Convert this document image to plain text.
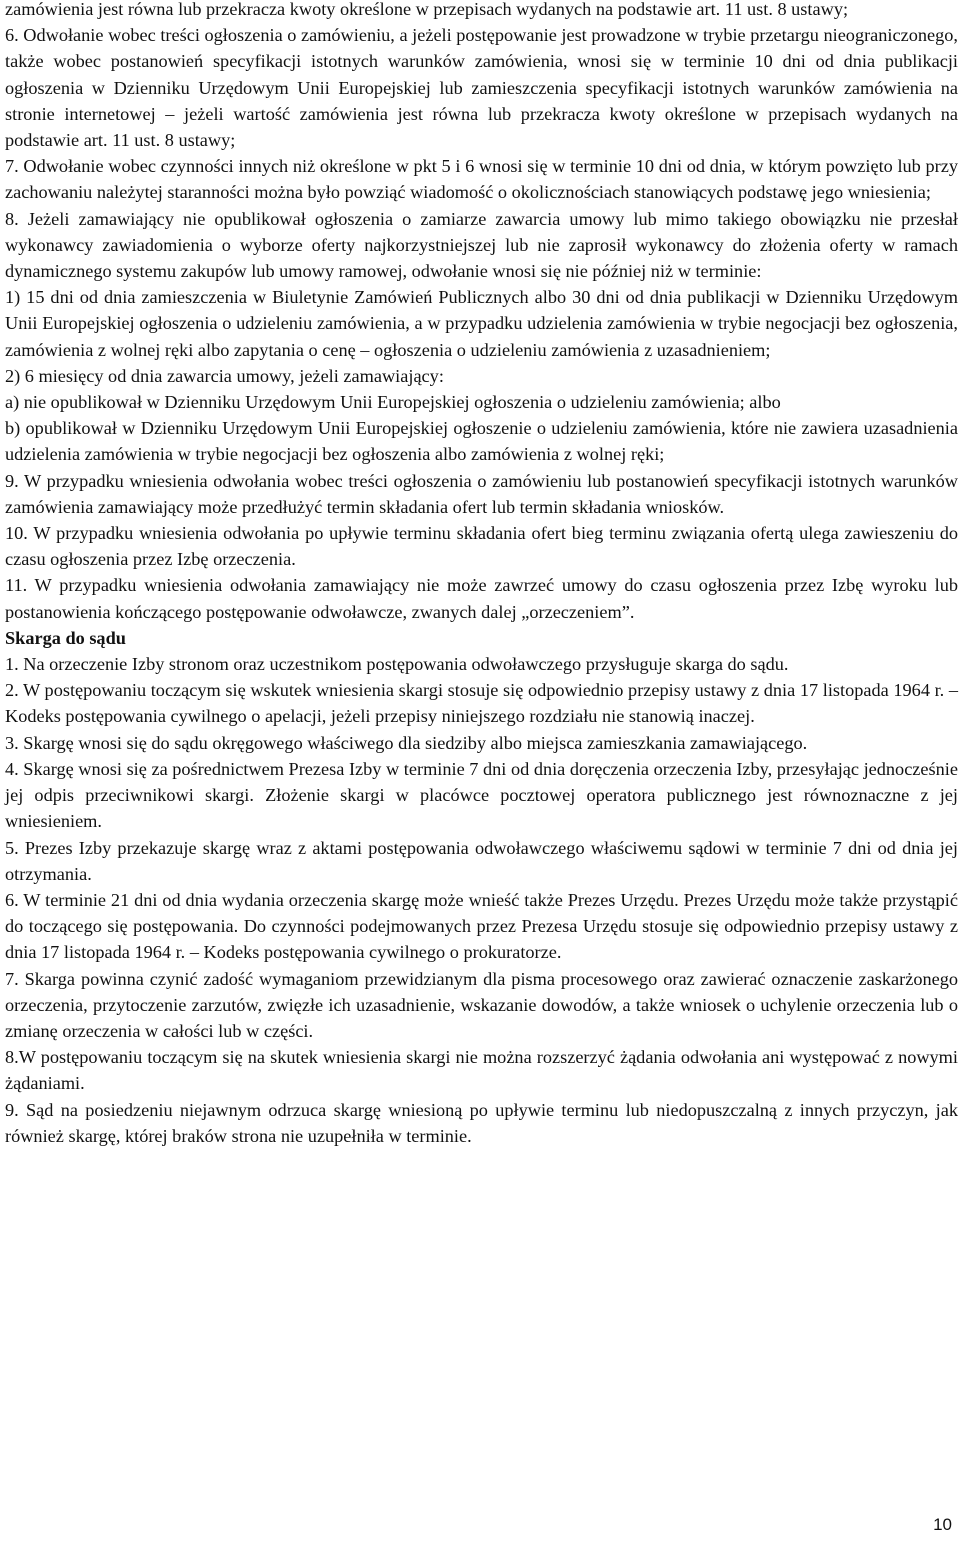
zamówienia jest równa lub przekracza kwoty określone w przepisach wydanych na podstawie art. 11 ust. 8 ustawy;

6. Odwołanie wobec treści ogłoszenia o zamówieniu, a jeżeli postępowanie jest prowadzone w trybie przetargu nieograniczonego, także wobec postanowień specyfikacji istotnych warunków zamówienia, wnosi się w terminie 10 dni od dnia publikacji ogłoszenia w Dzienniku Urzędowym Unii Europejskiej lub zamieszczenia specyfikacji istotnych warunków zamówienia na stronie internetowej – jeżeli wartość zamówienia jest równa lub przekracza kwoty określone w przepisach wydanych na podstawie art. 11 ust. 8 ustawy;

7. Odwołanie wobec czynności innych niż określone w pkt 5 i 6 wnosi się w terminie 10 dni od dnia, w którym powzięto lub przy zachowaniu należytej staranności można było powziąć wiadomość o okolicznościach stanowiących podstawę jego wniesienia;

8. Jeżeli zamawiający nie opublikował ogłoszenia o zamiarze zawarcia umowy lub mimo takiego obowiązku nie przesłał wykonawcy zawiadomienia o wyborze oferty najkorzystniejszej lub nie zaprosił wykonawcy do złożenia oferty w ramach dynamicznego systemu zakupów lub umowy ramowej, odwołanie wnosi się nie później niż w terminie:

1) 15 dni od dnia zamieszczenia w Biuletynie Zamówień Publicznych albo 30 dni od dnia publikacji w Dzienniku Urzędowym Unii Europejskiej ogłoszenia o udzieleniu zamówienia, a w przypadku udzielenia zamówienia w trybie negocjacji bez ogłoszenia, zamówienia z wolnej ręki albo zapytania o cenę – ogłoszenia o udzieleniu zamówienia z uzasadnieniem;

2) 6 miesięcy od dnia zawarcia umowy, jeżeli zamawiający:

a) nie opublikował w Dzienniku Urzędowym Unii Europejskiej ogłoszenia o udzieleniu zamówienia; albo

b) opublikował w Dzienniku Urzędowym Unii Europejskiej ogłoszenie o udzieleniu zamówienia, które nie zawiera uzasadnienia udzielenia zamówienia w trybie negocjacji bez ogłoszenia albo zamówienia z wolnej ręki;

9. W przypadku wniesienia odwołania wobec treści ogłoszenia o zamówieniu lub postanowień specyfikacji istotnych warunków zamówienia zamawiający może przedłużyć termin składania ofert lub termin składania wniosków.

10. W przypadku wniesienia odwołania po upływie terminu składania ofert bieg terminu związania ofertą ulega zawieszeniu do czasu ogłoszenia przez Izbę orzeczenia.

11. W przypadku wniesienia odwołania zamawiający nie może zawrzeć umowy do czasu ogłoszenia przez Izbę wyroku lub postanowienia kończącego postępowanie odwoławcze, zwanych dalej „orzeczeniem”.

Skarga do sądu

1. Na orzeczenie Izby stronom oraz uczestnikom postępowania odwoławczego przysługuje skarga do sądu.

2. W postępowaniu toczącym się wskutek wniesienia skargi stosuje się odpowiednio przepisy ustawy z dnia 17 listopada 1964 r. – Kodeks postępowania cywilnego o apelacji, jeżeli przepisy niniejszego rozdziału nie stanowią inaczej.

3. Skargę wnosi się do sądu okręgowego właściwego dla siedziby albo miejsca zamieszkania zamawiającego.

4. Skargę wnosi się za pośrednictwem Prezesa Izby w terminie 7 dni od dnia doręczenia orzeczenia Izby, przesyłając jednocześnie jej odpis przeciwnikowi skargi. Złożenie skargi w placówce pocztowej operatora publicznego jest równoznaczne z jej wniesieniem.

5. Prezes Izby przekazuje skargę wraz z aktami postępowania odwoławczego właściwemu sądowi w terminie 7 dni od dnia jej otrzymania.

6. W terminie 21 dni od dnia wydania orzeczenia skargę może wnieść także Prezes Urzędu. Prezes Urzędu może także przystąpić do toczącego się postępowania. Do czynności podejmowanych przez Prezesa Urzędu stosuje się odpowiednio przepisy ustawy z dnia 17 listopada 1964 r. – Kodeks postępowania cywilnego o prokuratorze.

7. Skarga powinna czynić zadość wymaganiom przewidzianym dla pisma procesowego oraz zawierać oznaczenie zaskarżonego orzeczenia, przytoczenie zarzutów, zwięzłe ich uzasadnienie, wskazanie dowodów, a także wniosek o uchylenie orzeczenia lub o zmianę orzeczenia w całości lub w części.

8.W postępowaniu toczącym się na skutek wniesienia skargi nie można rozszerzyć żądania odwołania ani występować z nowymi żądaniami.

9. Sąd na posiedzeniu niejawnym odrzuca skargę wniesioną po upływie terminu lub niedopuszczalną z innych przyczyn, jak również skargę, której braków strona nie uzupełniła w terminie.

10
